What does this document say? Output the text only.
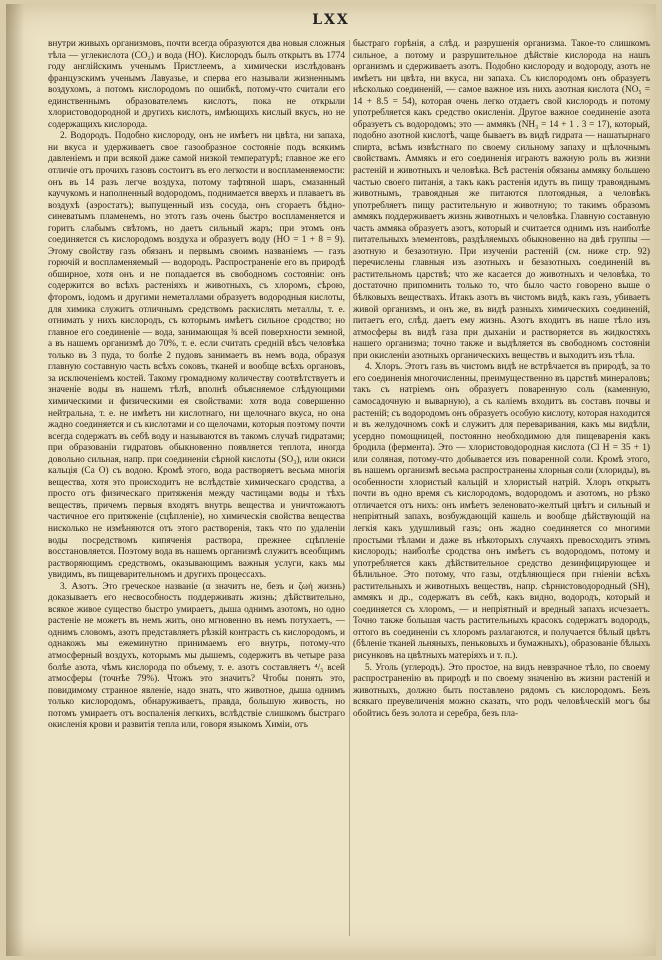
LXX

внутри живыхъ организмовъ, почти всегда образуются два новыя сложныя тѣла — углекислота (CO₂) и вода (HO). Кислородъ былъ открытъ въ 1774 году англійскимъ ученымъ Пристлеемъ, а химически изслѣдованъ французскимъ ученымъ Лавуазье, и сперва его называли жизненнымъ воздухомъ, а потомъ кислородомъ по ошибкѣ, потому-что считали его единственнымъ образователемъ кислотъ, пока не открыли хлористоводородной и другихъ кислотъ, имѣющихъ кислый вкусъ, но не содержащихъ кислорода.

2. Водородъ. Подобно кислороду, онъ не имѣетъ ни цвѣта, ни запаха, ни вкуса и удерживаетъ свое газообразное состоянiе подъ всякимъ давленiемъ и при всякой даже самой низкой температурѣ; главное же его отличіе отъ прочихъ газовъ состоитъ въ его легкости и воспламеняемости: онъ въ 14 разъ легче воздуха, потому тафтяной шаръ, смазанный каучукомъ и наполненный водородомъ, поднимается вверхъ и плаваетъ въ воздухѣ (аэростатъ); выпущенный изъ сосуда, онъ сгораетъ бѣдно-синеватымъ пламенемъ, но этотъ газъ очень быстро воспламеняется и горитъ слабымъ свѣтомъ, но даетъ сильный жаръ; при этомъ онъ соединяется съ кислородомъ воздуха и образуетъ воду (HO = 1 + 8 = 9). Этому свойству газъ обязанъ и первымъ своимъ названiемъ — газъ горючiй и воспламеняемый — водородъ. Распространенiе его въ природѣ обширное, хотя онъ и не попадается въ свободномъ состоянiи: онъ содержится во всѣхъ растенiяхъ и животныхъ, съ хлоромъ, сѣрою, фторомъ, iодомъ и другими неметаллами образуетъ водородныя кислоты, для химика служитъ отличнымъ средствомъ раскислять металлы, т. е. отнимать у нихъ кислородъ, съ которымъ имѣетъ сильное сродство; но главное его соединенiе — вода, занимающая ¾ всей поверхности земной, а въ нашемъ организмѣ до 70%, т. е. если считать средній вѣсъ человѣка только въ 3 пуда, то болѣе 2 пудовъ занимаетъ въ немъ вода, образуя главную составную часть всѣхъ соковъ, тканей и вообще всѣхъ органовъ, за исключенiемъ костей. Такому громадному количеству соотвѣтствуетъ и значенiе воды въ нашемъ тѣлѣ, вполнѣ объясняемое слѣдующими химическими и физическими ея свойствами: хотя вода совершенно нейтральна, т. е. не имѣетъ ни кислотнаго, ни щелочнаго вкуса, но она жадно соединяется и съ кислотами и со щелочами, которыя поэтому почти всегда содержатъ въ себѣ воду и называются въ такомъ случаѣ гидратами; при образованiи гидратовъ обыкновенно появляется теплота, иногда довольно сильная, напр. при соединенiи сѣрной кислоты (SO₃), или окиси кальція (Ca O) съ водою. Кромѣ этого, вода растворяетъ весьма многiя вещества, хотя это происходитъ не вслѣдствіе химическаго сродства, а просто отъ физическаго притяженія между частицами воды и тѣхъ веществъ, причемъ первыя входятъ внутрь вещества и уничтожаютъ частичное его притяженіе (сцѣпленіе), но химическія свойства вещества нисколько не измѣняются отъ этого растворенія, такъ что по удаленіи воды посредствомъ кипяченія раствора, прежнее сцѣпленіе восстановляется. Поэтому вода въ нашемъ организмѣ служитъ всеобщимъ растворяющимъ средствомъ, оказывающимъ важныя услуги, какъ мы увидимъ, въ пищеварительномъ и другихъ процессахъ.

3. Азотъ. Это греческое названіе (α значитъ не, безъ и ζωή жизнь) доказываетъ его несвособность поддерживать жизнь; дѣйствительно, всякое живое существо быстро умираетъ, дыша однимъ азотомъ, но одно растеніе не можетъ въ немъ жить, оно мгновенно въ немъ потухаетъ, — однимъ словомъ, азотъ представляетъ рѣзкій контрастъ съ кислородомъ, и однакожъ мы ежеминутно принимаемъ его внутрь, потому-что атмосферный воздухъ, которымъ мы дышемъ, содержитъ въ четыре раза болѣе азота, чѣмъ кислорода по объему, т. е. азотъ составляетъ ⁴/₅ всей атмосферы (точнѣе 79%). Чтожъ это значитъ? Чтобы понять это, повидимому странное явленіе, надо знать, что животное, дыша однимъ только кислородомъ, обнаруживаетъ, правда, большую живость, но потомъ умираетъ отъ воспаленія легкихъ, вслѣдствіе слишкомъ быстраго окисленія крови и развитія тепла или, говоря языкомъ Химіи, отъ

быстраго горѣнія, а слѣд. и разрушенія организма. Такое-то слишкомъ сильное, а потому и разрушительное дѣйствіе кислорода на нашъ организмъ и сдерживаетъ азотъ. Подобно кислороду и водороду, азотъ не имѣетъ ни цвѣта, ни вкуса, ни запаха. Съ кислородомъ онъ образуетъ нѣсколько соединеній, — самое важное изъ нихъ азотная кислота (NO₅ = 14 + 8.5 = 54), которая очень легко отдаетъ свой кислородъ и потому употребляется какъ средство окисленія. Другое важное соединеніе азота образуетъ съ водородомъ; это — аммякъ (NH₃ = 14 + 1 . 3 = 17), который, подобно азотной кислотѣ, чаще бываетъ въ видѣ гидрата — нашатырнаго спирта, всѣмъ извѣстнаго по своему сильному запаху и щѣлочнымъ свойствамъ. Аммякъ и его соединенія играютъ важную роль въ жизни растеній и животныхъ и человѣка. Всѣ растенія обязаны аммяку большею частью своего питанія, а такъ какъ растенія идутъ въ пищу травояднымъ животнымъ, травоядныя же питаются плотоядныя, а человѣкъ употребляетъ пищу растительную и животную; то такимъ образомъ аммякъ поддерживаетъ жизнь животныхъ и человѣка. Главную составную часть аммякa образуетъ азотъ, который и считается однимъ изъ наиболѣе питательныхъ элементовъ, раздѣляемыхъ обыкновенно на двѣ группы — азотную и безазотную. При изученіи растеній (см. ниже стр. 92) перечислены главныя изъ азотныхъ и безазотныхъ соединеній въ растительномъ царствѣ; что же касается до животныхъ и человѣка, то достаточно припомнить только то, что было часто говорено выше о бѣлковыхъ веществахъ. Итакъ азотъ въ чистомъ видѣ, какъ газъ, убиваетъ живой организмъ, и онъ же, въ видѣ разныхъ химическихъ соединеній, питаетъ его, слѣд. даетъ ему жизнь. Азотъ входитъ въ наше тѣло изъ атмосферы въ видѣ газа при дыханіи и растворяется въ жидкостяхъ нашего организма; точно также и выдѣляется въ свободномъ состояніи при окисленіи азотныхъ органическихъ веществъ и выходитъ изъ тѣла.

4. Хлоръ. Этотъ газъ въ чистомъ видѣ не встрѣчается въ природѣ, за то его соединенія многочисленны, преимущественно въ царствѣ минераловъ; такъ съ натріемъ онъ образуетъ поваренную соль (каменную, самосадочную и выварную), а съ каліемъ входитъ въ составъ почвы и растеній; съ водородомъ онъ образуетъ особую кислоту, которая находится и въ желудочномъ сокѣ и служитъ для переваривания, какъ мы видѣли, усердно помощницей, постоянно необходимою для пищеваренія какъ бродила (фермента). Это — хлористоводородная кислота (Cl H = 35 + 1) или соляная, потому-что добывается изъ поваренной соли. Кромѣ этого, въ нашемъ организмѣ весьма распространены хлорныя соли (хлориды), въ особенности хлористый кальцій и хлористый натрій. Хлоръ открытъ почти въ одно время съ кислородомъ, водородомъ и азотомъ, но рѣзко отличается отъ нихъ: онъ имѣетъ зеленовато-желтый цвѣтъ и сильный и непріятный запахъ, возбуждающій кашель и вообще дѣйствующій на легкія какъ удушливый газъ; онъ жадно соединяется со многими простыми тѣлами и даже въ нѣкоторыхъ случаяхъ превосходитъ этимъ кислородъ; наиболѣе сродства онъ имѣетъ съ водородомъ, потому и употребляется какъ дѣйствительное средство дезинфицирующее и бѣлильное. Это потому, что газы, отдѣляющіеся при гніеніи всѣхъ растительныхъ и животныхъ веществъ, напр. сѣрнистоводородный (SH), аммякъ и др., содержатъ въ себѣ, какъ видно, водородъ, который и соединяется съ хлоромъ, — и непріятный и вредный запахъ исчезаетъ. Точно также большая часть растительныхъ красокъ содержатъ водородъ, оттого въ соединеніи съ хлоромъ разлагаются, и получается бѣлый цвѣтъ (бѣленіе тканей льняныхъ, пеньковыхъ и бумажныхъ), образованіе бѣлыхъ рисунковъ на цвѣтныхъ матеріяхъ и т. п.).

5. Уголь (углеродъ). Это простое, на видъ невзрачное тѣло, по своему распространенію въ природѣ и по своему значенію въ жизни растеній и животныхъ, должно быть поставлено рядомъ съ кислородомъ. Безъ всякаго преувеличенія можно сказать, что родъ человѣческій могъ бы обойтись безъ золота и серебра, безъ пла-
